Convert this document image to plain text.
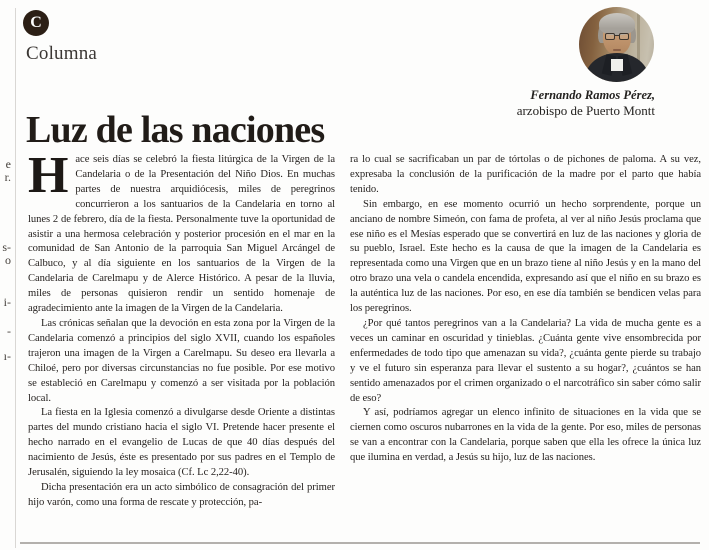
e
r.
s-
o
i-
-
ı-
C
Columna
Fernando Ramos Pérez,
arzobispo de Puerto Montt
Luz de las naciones

Hace seis días se celebró la fiesta litúrgica de la Virgen de la Candelaria o de la Presentación del Niño Dios. En muchas partes de nuestra arquidiócesis, miles de peregrinos concurrieron a los santuarios de la Candelaria en torno al lunes 2 de febrero, día de la fiesta. Personalmente tuve la oportunidad de asistir a una hermosa celebración y posterior procesión en el mar en la comunidad de San Antonio de la parroquia San Miguel Arcángel de Calbuco, y al día siguiente en los santuarios de la Virgen de la Candelaria de Carelmapu y de Alerce Histórico. A pesar de la lluvia, miles de personas quisieron rendir un sentido homenaje de agradecimiento ante la imagen de la Virgen de la Candelaria.

Las crónicas señalan que la devoción en esta zona por la Virgen de la Candelaria comenzó a principios del siglo XVII, cuando los españoles trajeron una imagen de la Virgen a Carelmapu. Su deseo era llevarla a Chiloé, pero por diversas circunstancias no fue posible. Por ese motivo se estableció en Carelmapu y comenzó a ser visitada por la población local.

La fiesta en la Iglesia comenzó a divulgarse desde Oriente a distintas partes del mundo cristiano hacia el siglo VI. Pretende hacer presente el hecho narrado en el evangelio de Lucas de que 40 días después del nacimiento de Jesús, éste es presentado por sus padres en el Templo de Jerusalén, siguiendo la ley mosaica (Cf. Lc 2,22-40).

Dicha presentación era un acto simbólico de consagración del primer hijo varón, como una forma de rescate y protección, pa-

ra lo cual se sacrificaban un par de tórtolas o de pichones de paloma. A su vez, expresaba la conclusión de la purificación de la madre por el parto que había tenido.

Sin embargo, en ese momento ocurrió un hecho sorprendente, porque un anciano de nombre Simeón, con fama de profeta, al ver al niño Jesús proclama que ese niño es el Mesías esperado que se convertirá en luz de las naciones y gloria de su pueblo, Israel. Este hecho es la causa de que la imagen de la Candelaria es representada como una Virgen que en un brazo tiene al niño Jesús y en la mano del otro brazo una vela o candela encendida, expresando así que el niño en su brazo es la auténtica luz de las naciones. Por eso, en ese día también se bendicen velas para los peregrinos.

¿Por qué tantos peregrinos van a la Candelaria? La vida de mucha gente es a veces un caminar en oscuridad y tinieblas. ¿Cuánta gente vive ensombrecida por enfermedades de todo tipo que amenazan su vida?, ¿cuánta gente pierde su trabajo y ve el futuro sin esperanza para llevar el sustento a su hogar?, ¿cuántos se han sentido amenazados por el crimen organizado o el narcotráfico sin saber cómo salir de eso?

Y así, podríamos agregar un elenco infinito de situaciones en la vida que se ciernen como oscuros nubarrones en la vida de la gente. Por eso, miles de personas se van a encontrar con la Candelaria, porque saben que ella les ofrece la única luz que ilumina en verdad, a Jesús su hijo, luz de las naciones.
